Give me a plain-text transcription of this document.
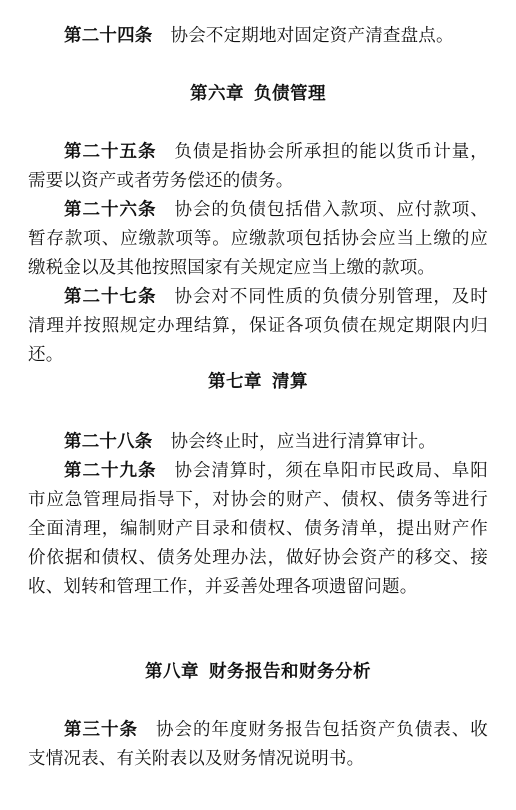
第二十四条 协会不定期地对固定资产清查盘点。

第六章 负债管理

第二十五条 负债是指协会所承担的能以货币计量，需要以资产或者劳务偿还的债务。

第二十六条 协会的负债包括借入款项、应付款项、暂存款项、应缴款项等。应缴款项包括协会应当上缴的应缴税金以及其他按照国家有关规定应当上缴的款项。

第二十七条 协会对不同性质的负债分别管理，及时清理并按照规定办理结算，保证各项负债在规定期限内归还。

第七章 清算

第二十八条 协会终止时，应当进行清算审计。

第二十九条 协会清算时，须在阜阳市民政局、阜阳市应急管理局指导下，对协会的财产、债权、债务等进行全面清理，编制财产目录和债权、债务清单，提出财产作价依据和债权、债务处理办法，做好协会资产的移交、接收、划转和管理工作，并妥善处理各项遗留问题。

第八章 财务报告和财务分析

第三十条 协会的年度财务报告包括资产负债表、收支情况表、有关附表以及财务情况说明书。
